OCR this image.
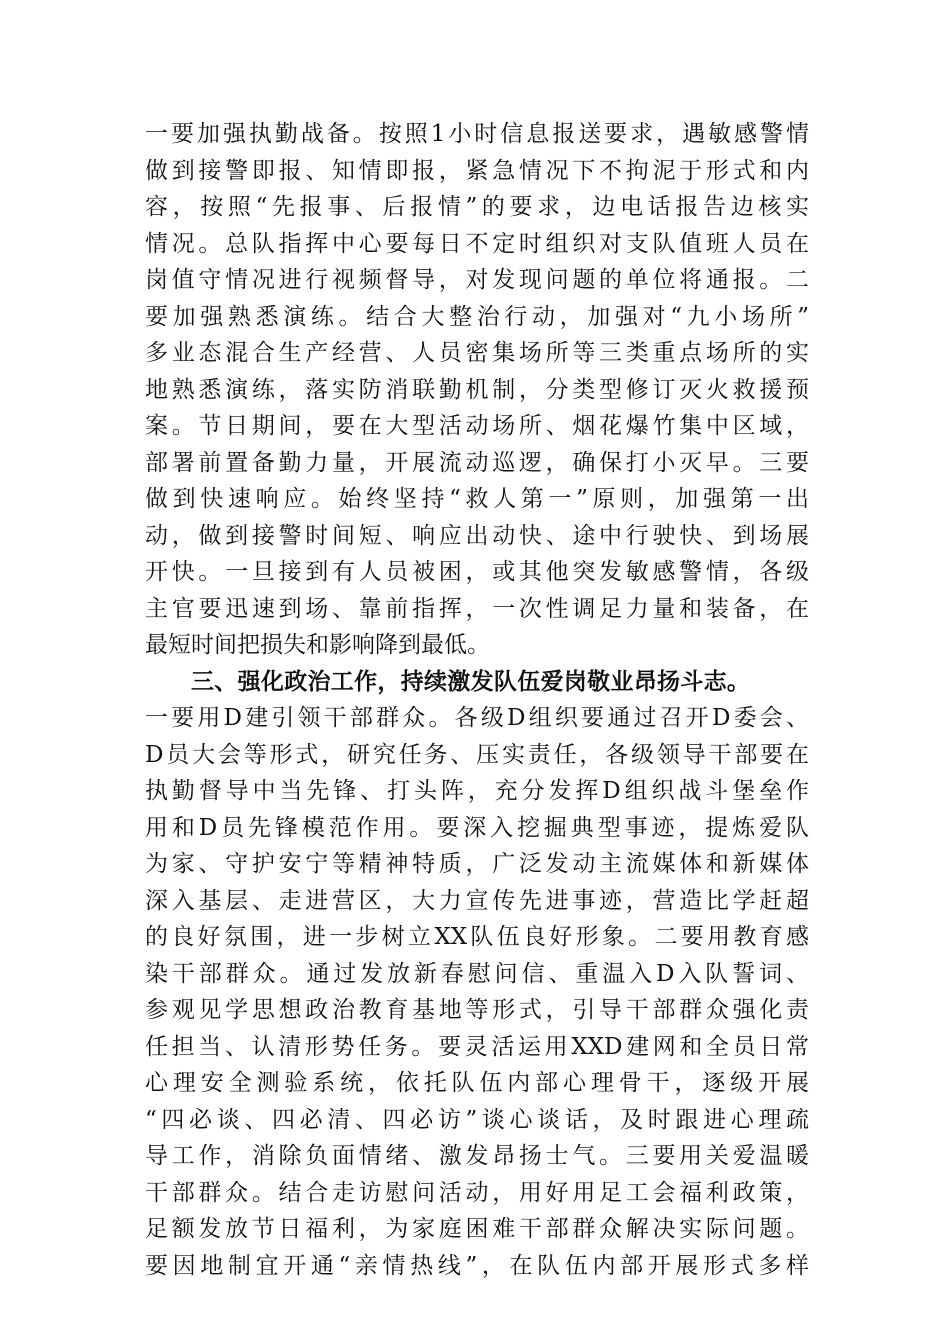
一要加强执勤战备。按照1小时信息报送要求，遇敏感警情
做到接警即报、知情即报，紧急情况下不拘泥于形式和内
容，按照“先报事、后报情”的要求，边电话报告边核实
情况。总队指挥中心要每日不定时组织对支队值班人员在
岗值守情况进行视频督导，对发现问题的单位将通报。二
要加强熟悉演练。结合大整治行动，加强对“九小场所”
多业态混合生产经营、人员密集场所等三类重点场所的实
地熟悉演练，落实防消联勤机制，分类型修订灭火救援预
案。节日期间，要在大型活动场所、烟花爆竹集中区域，
部署前置备勤力量，开展流动巡逻，确保打小灭早。三要
做到快速响应。始终坚持“救人第一”原则，加强第一出
动，做到接警时间短、响应出动快、途中行驶快、到场展
开快。一旦接到有人员被困，或其他突发敏感警情，各级
主官要迅速到场、靠前指挥，一次性调足力量和装备，在
最短时间把损失和影响降到最低。
三、强化政治工作，持续激发队伍爱岗敬业昂扬斗志。
一要用D建引领干部群众。各级D组织要通过召开D委会、
D员大会等形式，研究任务、压实责任，各级领导干部要在
执勤督导中当先锋、打头阵，充分发挥D组织战斗堡垒作
用和D员先锋模范作用。要深入挖掘典型事迹，提炼爱队
为家、守护安宁等精神特质，广泛发动主流媒体和新媒体
深入基层、走进营区，大力宣传先进事迹，营造比学赶超
的良好氛围，进一步树立XX队伍良好形象。二要用教育感
染干部群众。通过发放新春慰问信、重温入D入队誓词、
参观见学思想政治教育基地等形式，引导干部群众强化责
任担当、认清形势任务。要灵活运用XXD建网和全员日常
心理安全测验系统，依托队伍内部心理骨干，逐级开展
“四必谈、四必清、四必访”谈心谈话，及时跟进心理疏
导工作，消除负面情绪、激发昂扬士气。三要用关爱温暖
干部群众。结合走访慰问活动，用好用足工会福利政策，
足额发放节日福利，为家庭困难干部群众解决实际问题。
要因地制宜开通“亲情热线”，在队伍内部开展形式多样
